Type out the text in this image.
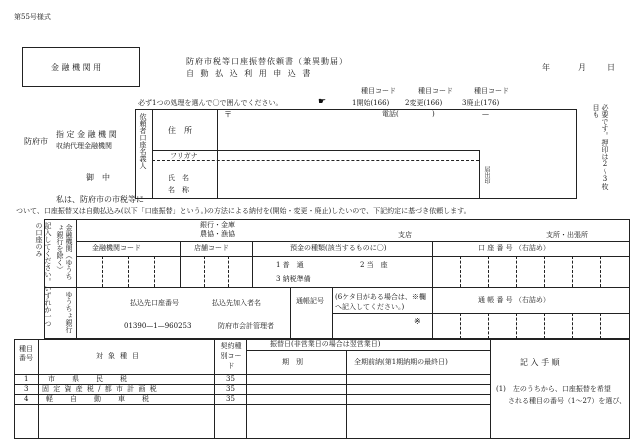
第55号様式
金 融 機 関 用
防府市税等口座振替依頼書（兼異動届）
自 動 払 込 利 用 申 込 書
年	月	日
種目コード	種目コード	種目コード
必ず1つの処理を選んで〇で囲んでください。	☛	1開始(166) 2変更(166)	3廃止(176)
防府市
指 定 金 融 機 関
収納代理金融機関
御　中
依頼者口座名義人	〒
住　所
電話(	)	—
フリガナ
氏　名
名　称
届出印	必要です。押印は2～3枚目も
私は、防府市の市税等に
ついて、口座振替又は自動払込み(以下「口座振替」という。)の方法による納付を(開始・変更・廃止)したいので、下記約定に基づき依頼します。
記入してください。いずれか一つの口座のみ	金融機関（ゆうちょ銀行を除く）	銀行・金庫
農協・漁協	支店	支所・出張所
金融機関コード	店舗コード	預金の種類(該当するものに〇)	口 座 番 号 （右詰め）
1 普　通	2 当　座
3 納税準備
ゆうちょ銀行	払込先口座番号	払込先加入者名
01390—1—960253	防府市会計管理者
通帳記号 (6ケタ目がある場合は、※欄へ記入してください。)
※
通 帳 番 号 （右詰め）
種目番号	対象種目
契約種別コード
振替日(非営業日の場合は翌営業日)
期　別	全期前納(第1期納期の最終日)	記 入 手 順
1	市　　県　　民　　税	35
3 固 定 資 産 税 / 都 市 計 画 税	35
4	軽　　自　　動　　車　　税	35
(1)　左のうちから、口座振替を希望
される種目の番号（1～27）を選び、
